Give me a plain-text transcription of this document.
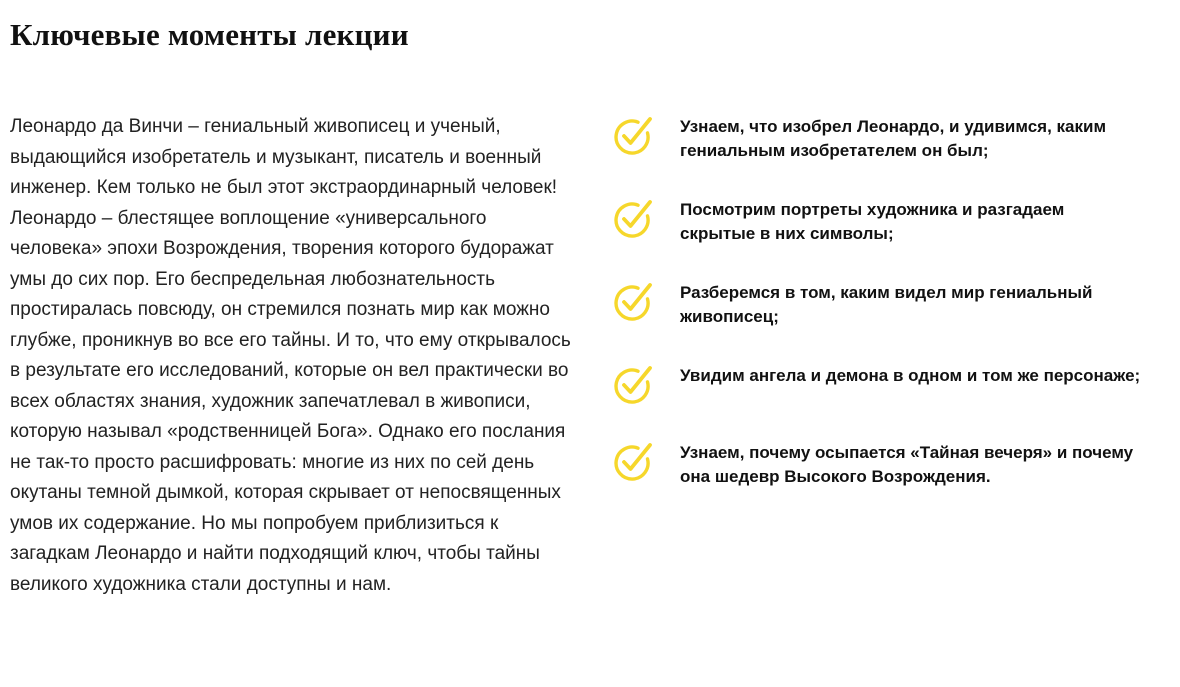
Ключевые моменты лекции

Леонардо да Винчи – гениальный живописец и ученый, выдающийся изобретатель и музыкант, писатель и военный инженер. Кем только не был этот экстраординарный человек! Леонардо – блестящее воплощение «универсального человека» эпохи Возрождения, творения которого будоражат умы до сих пор. Его беспредельная любознательность простиралась повсюду, он стремился познать мир как можно глубже, проникнув во все его тайны. И то, что ему открывалось в результате его исследований, которые он вел практически во всех областях знания, художник запечатлевал в живописи, которую называл «родственницей Бога». Однако его послания не так-то просто расшифровать: многие из них по сей день окутаны темной дымкой, которая скрывает от непосвященных умов их содержание. Но мы попробуем приблизиться к загадкам Леонардо и найти подходящий ключ, чтобы тайны великого художника стали доступны и нам.

Узнаем, что изобрел Леонардо, и удивимся, каким гениальным изобретателем он был;

Посмотрим портреты художника и разгадаем скрытые в них символы;

Разберемся в том, каким видел мир гениальный живописец;

Увидим ангела и демона в одном и том же персонаже;

Узнаем, почему осыпается «Тайная вечеря» и почему она шедевр Высокого Возрождения.
